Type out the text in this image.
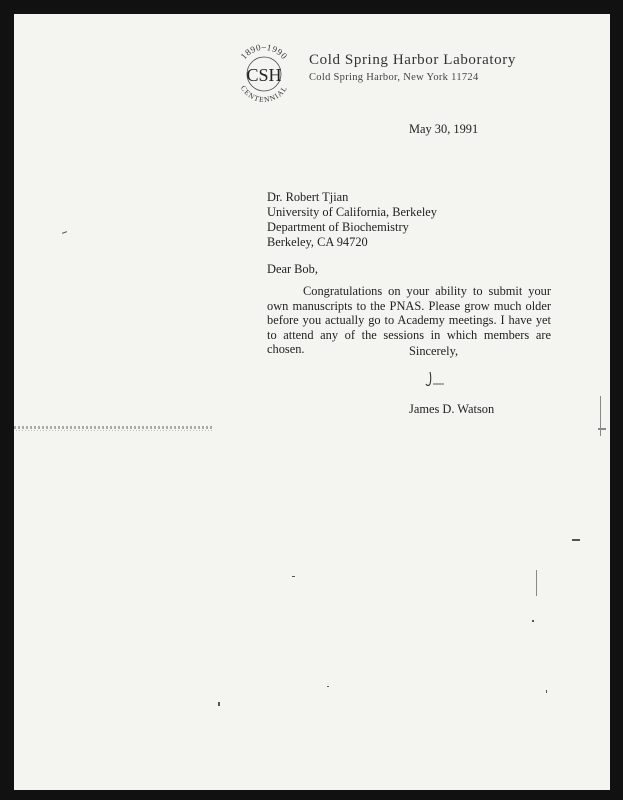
1890–1990
CSH
CENTENNIAL
Cold Spring Harbor Laboratory
Cold Spring Harbor, New York 11724
May 30, 1991
Dr. Robert Tjian
University of California, Berkeley
Department of Biochemistry
Berkeley, CA 94720
Dear Bob,
Congratulations on your ability to submit your own manuscripts to the PNAS. Please grow much older before you actually go to Academy meetings. I have yet to attend any of the sessions in which members are chosen.	Sincerely,
James D. Watson
